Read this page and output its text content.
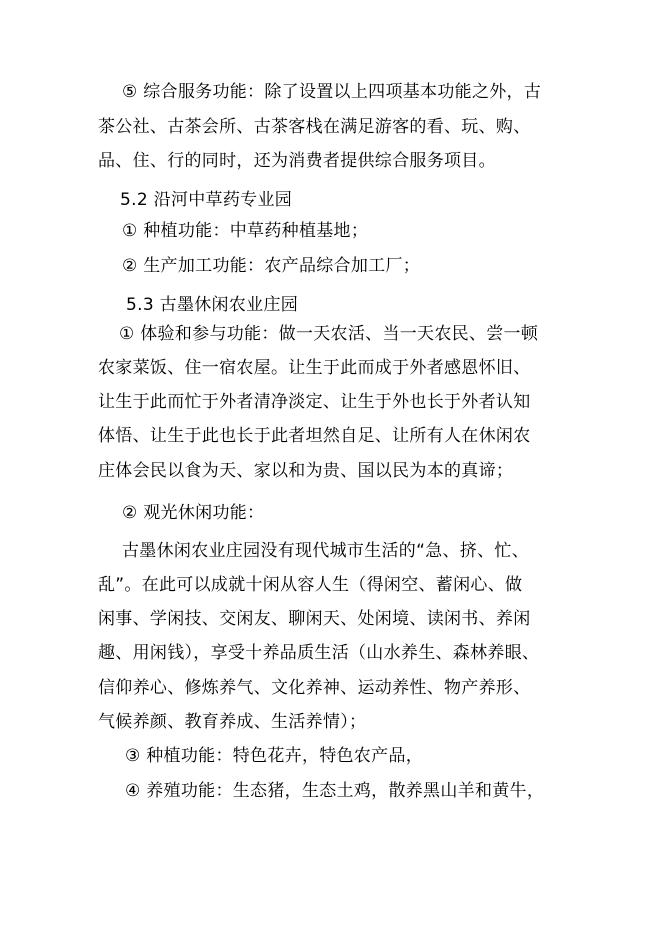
⑤ 综合服务功能：除了设置以上四项基本功能之外，古
茶公社、古茶会所、古茶客栈在满足游客的看、玩、购、
品、住、行的同时，还为消费者提供综合服务项目。
5.2 沿河中草药专业园
① 种植功能：中草药种植基地；
② 生产加工功能：农产品综合加工厂；
5.3 古墨休闲农业庄园
① 体验和参与功能：做一天农活、当一天农民、尝一顿
农家菜饭、住一宿农屋。让生于此而成于外者感恩怀旧、
让生于此而忙于外者清净淡定、让生于外也长于外者认知
体悟、让生于此也长于此者坦然自足、让所有人在休闲农
庄体会民以食为天、家以和为贵、国以民为本的真谛；
② 观光休闲功能：
古墨休闲农业庄园没有现代城市生活的“急、挤、忙、
乱”。在此可以成就十闲从容人生（得闲空、蓄闲心、做
闲事、学闲技、交闲友、聊闲天、处闲境、读闲书、养闲
趣、用闲钱），享受十养品质生活（山水养生、森林养眼、
信仰养心、修炼养气、文化养神、运动养性、物产养形、
气候养颜、教育养成、生活养情）；
③ 种植功能：特色花卉，特色农产品，
④ 养殖功能：生态猪，生态土鸡，散养黑山羊和黄牛，
